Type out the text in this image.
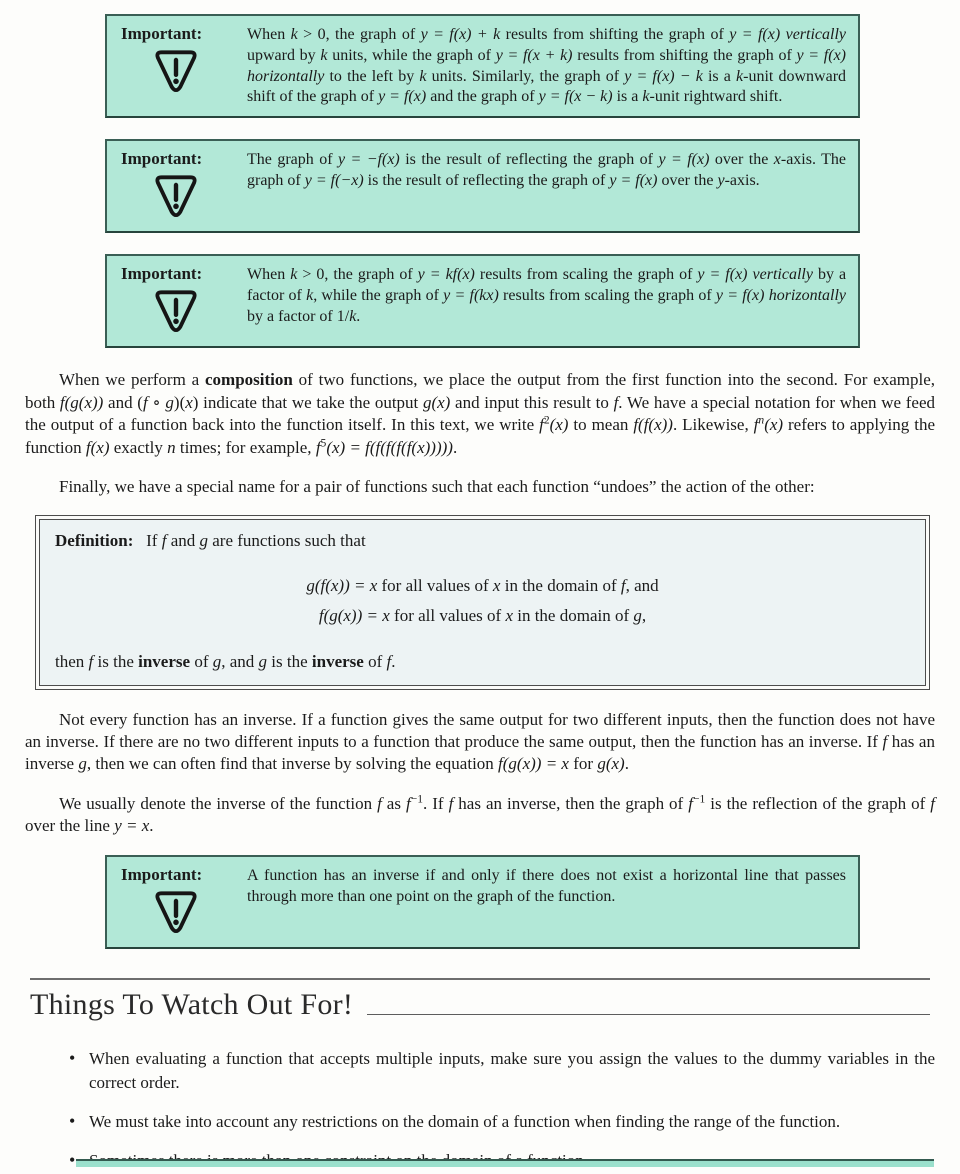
Important:	When k > 0, the graph of y = f(x) + k results from shifting the graph of y = f(x) vertically upward by k units, while the graph of y = f(x + k) results from shifting the graph of y = f(x) horizontally to the left by k units. Similarly, the graph of y = f(x) − k is a k-unit downward shift of the graph of y = f(x) and the graph of y = f(x − k) is a k-unit rightward shift.
Important:	The graph of y = −f(x) is the result of reflecting the graph of y = f(x) over the x-axis. The graph of y = f(−x) is the result of reflecting the graph of y = f(x) over the y-axis.
Important:	When k > 0, the graph of y = kf(x) results from scaling the graph of y = f(x) vertically by a factor of k, while the graph of y = f(kx) results from scaling the graph of y = f(x) horizontally by a factor of 1/k.

When we perform a composition of two functions, we place the output from the first function into the second. For example, both f(g(x)) and (f ∘ g)(x) indicate that we take the output g(x) and input this result to f. We have a special notation for when we feed the output of a function back into the function itself. In this text, we write $f^2(x)$ to mean f(f(x)). Likewise, $f^n(x)$ refers to applying the function f(x) exactly n times; for example, $f^5(x) = f(f(f(f(f(x)))))$.

Finally, we have a special name for a pair of functions such that each function “undoes” the action of the other:

Definition: If f and g are functions such that
g(f(x)) = x for all values of x in the domain of f, and
f(g(x)) = x for all values of x in the domain of g,
then f is the inverse of g, and g is the inverse of f.

Not every function has an inverse. If a function gives the same output for two different inputs, then the function does not have an inverse. If there are no two different inputs to a function that produce the same output, then the function has an inverse. If f has an inverse g, then we can often find that inverse by solving the equation f(g(x)) = x for g(x).

We usually denote the inverse of the function f as $f^{-1}$. If f has an inverse, then the graph of $f^{-1}$ is the reflection of the graph of f over the line y = x.

Important:	A function has an inverse if and only if there does not exist a horizontal line that passes through more than one point on the graph of the function.
Things To Watch Out For!
• When evaluating a function that accepts multiple inputs, make sure you assign the values to the dummy variables in the correct order.
• We must take into account any restrictions on the domain of a function when finding the range of the function.
•
